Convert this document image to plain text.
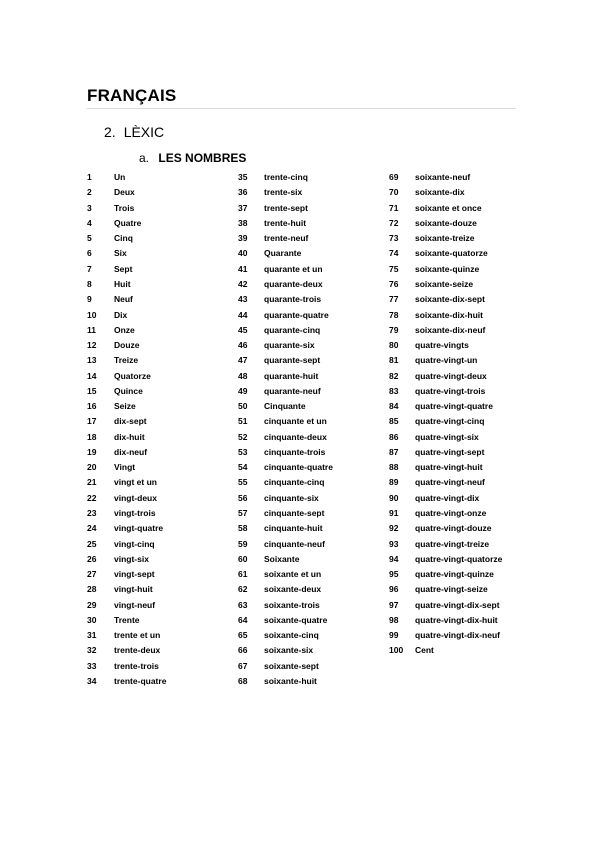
FRANÇAIS
2. LÈXIC
a. LES NOMBRES
1	Un
2	Deux
3	Trois
4	Quatre
5	Cinq
6	Six
7	Sept
8	Huit
9	Neuf
10	Dix
11	Onze
12	Douze
13	Treize
14	Quatorze
15	Quince
16	Seize
17	dix-sept
18	dix-huit
19	dix-neuf
20	Vingt
21	vingt et un
22	vingt-deux
23	vingt-trois
24	vingt-quatre
25	vingt-cinq
26	vingt-six
27	vingt-sept
28	vingt-huit
29	vingt-neuf
30	Trente
31	trente et un
32	trente-deux
33	trente-trois
34	trente-quatre
35	trente-cinq
36	trente-six
37	trente-sept
38	trente-huit
39	trente-neuf
40	Quarante
41	quarante et un
42	quarante-deux
43	quarante-trois
44	quarante-quatre
45	quarante-cinq
46	quarante-six
47	quarante-sept
48	quarante-huit
49	quarante-neuf
50	Cinquante
51	cinquante et un
52	cinquante-deux
53	cinquante-trois
54	cinquante-quatre
55	cinquante-cinq
56	cinquante-six
57	cinquante-sept
58	cinquante-huit
59	cinquante-neuf
60	Soixante
61	soixante et un
62	soixante-deux
63	soixante-trois
64	soixante-quatre
65	soixante-cinq
66	soixante-six
67	soixante-sept
68	soixante-huit
69	soixante-neuf
70	soixante-dix
71	soixante et once
72	soixante-douze
73	soixante-treize
74	soixante-quatorze
75	soixante-quinze
76	soixante-seize
77	soixante-dix-sept
78	soixante-dix-huit
79	soixante-dix-neuf
80	quatre-vingts
81	quatre-vingt-un
82	quatre-vingt-deux
83	quatre-vingt-trois
84	quatre-vingt-quatre
85	quatre-vingt-cinq
86	quatre-vingt-six
87	quatre-vingt-sept
88	quatre-vingt-huit
89	quatre-vingt-neuf
90	quatre-vingt-dix
91	quatre-vingt-onze
92	quatre-vingt-douze
93	quatre-vingt-treize
94	quatre-vingt-quatorze
95	quatre-vingt-quinze
96	quatre-vingt-seize
97	quatre-vingt-dix-sept
98	quatre-vingt-dix-huit
99	quatre-vingt-dix-neuf
100	Cent
